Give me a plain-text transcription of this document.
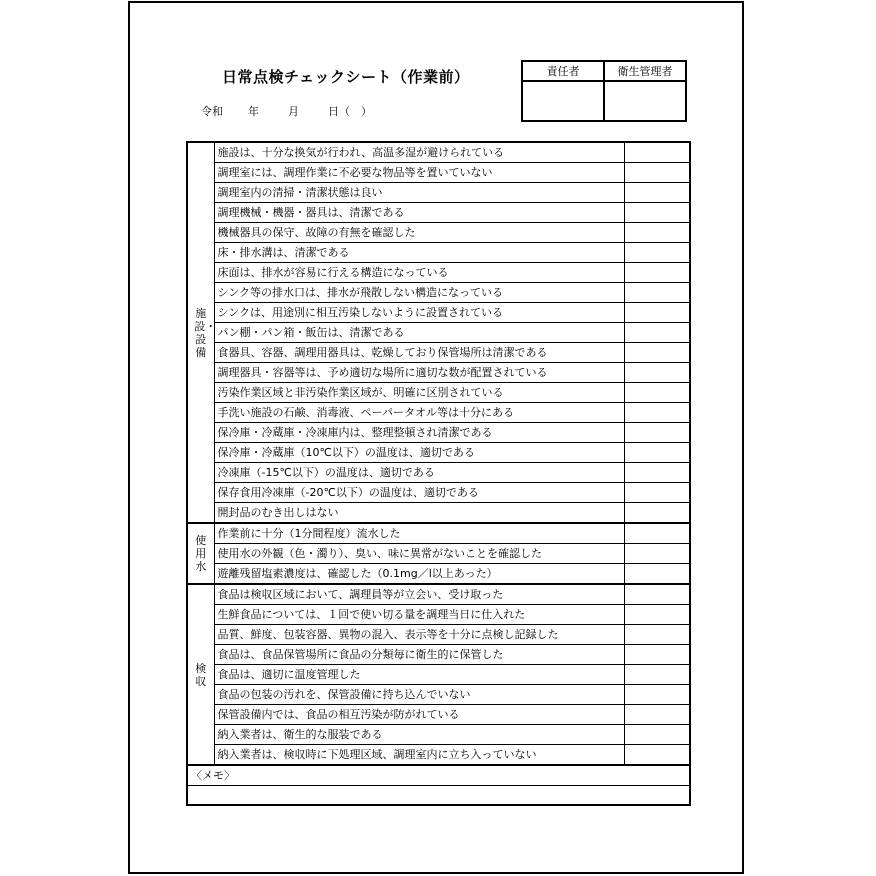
日常点検チェックシート（作業前）
令和 年	月	日（　）
責任者	衛生管理者

施設・設備	施設は、十分な換気が行われ、高温多湿が避けられている	
	調理室には、調理作業に不必要な物品等を置いていない	
	調理室内の清掃・清潔状態は良い	
	調理機械・機器・器具は、清潔である	
	機械器具の保守、故障の有無を確認した	
	床・排水溝は、清潔である	
	床面は、排水が容易に行える構造になっている	
	シンク等の排水口は、排水が飛散しない構造になっている	
	シンクは、用途別に相互汚染しないように設置されている	
	パン棚・パン箱・飯缶は、清潔である	
	食器具、容器、調理用器具は、乾燥しており保管場所は清潔である	
	調理器具・容器等は、予め適切な場所に適切な数が配置されている	
	汚染作業区域と非汚染作業区域が、明確に区別されている	
	手洗い施設の石鹸、消毒液、ペーパータオル等は十分にある	
	保冷庫・冷蔵庫・冷凍庫内は、整理整頓され清潔である	
	保冷庫・冷蔵庫（10℃以下）の温度は、適切である	
	冷凍庫（-15℃以下）の温度は、適切である	
	保存食用冷凍庫（-20℃以下）の温度は、適切である	
	開封品のむき出しはない	
使用水	作業前に十分（1分間程度）流水した	
	使用水の外観（色・濁り）、臭い、味に異常がないことを確認した	
	遊離残留塩素濃度は、確認した（0.1mg／l以上あった）	
検収	食品は検収区域において、調理員等が立会い、受け取った	
	生鮮食品については、１回で使い切る量を調理当日に仕入れた	
	品質、鮮度、包装容器、異物の混入、表示等を十分に点検し記録した	
	食品は、食品保管場所に食品の分類毎に衛生的に保管した	
	食品は、適切に温度管理した	
	食品の包装の汚れを、保管設備に持ち込んでいない	
	保管設備内では、食品の相互汚染が防がれている	
	納入業者は、衛生的な服装である	
	納入業者は、検収時に下処理区域、調理室内に立ち入っていない	
〈メモ〉		
